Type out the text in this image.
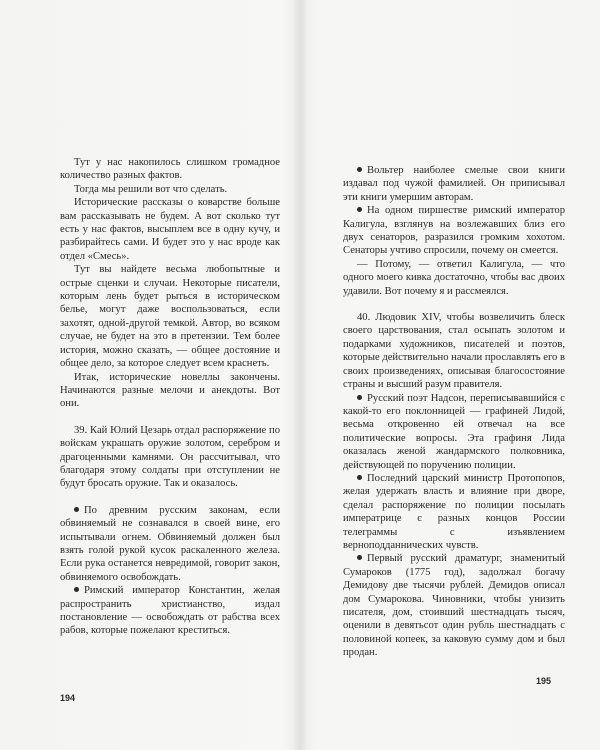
Тут у нас накопилось слишком громадное количество разных фактов.

Тогда мы решили вот что сделать.

Исторические рассказы о коварстве больше вам рассказывать не будем. А вот сколько тут есть у нас фактов, высыплем все в одну кучу, и разбирайтесь сами. И будет это у нас вроде как отдел «Смесь».

Тут вы найдете весьма любопытные и острые сценки и случаи. Некоторые писатели, которым лень будет рыться в историческом белье, могут даже воспользоваться, если захотят, одной-другой темкой. Автор, во всяком случае, не будет на это в претензии. Тем более история, можно сказать, — общее достояние и общее дело, за которое следует всем краснеть.

Итак, исторические новеллы закончены. Начинаются разные мелочи и анекдоты. Вот они.

39. Кай Юлий Цезарь отдал распоряжение по войскам украшать оружие золотом, серебром и драгоценными камнями. Он рассчитывал, что благодаря этому солдаты при отступлении не будут бросать оружие. Так и оказалось.

По древним русским законам, если обвиняемый не сознавался в своей вине, его испытывали огнем. Обвиняемый должен был взять голой рукой кусок раскаленного железа. Если рука останется невредимой, говорит закон, обвиняемого освобождать.

Римский император Константин, желая распространить христианство, издал постановление — освобождать от рабства всех рабов, которые пожелают креститься.

194

Вольтер наиболее смелые свои книги издавал под чужой фамилией. Он приписывал эти книги умершим авторам.

На одном пиршестве римский император Калигула, взглянув на возлежавших близ его двух сенаторов, разразился громким хохотом. Сенаторы учтиво спросили, почему он смеется.

— Потому, — ответил Калигула, — что одного моего кивка достаточно, чтобы вас двоих удавили. Вот почему я и рассмеялся.

40. Людовик XIV, чтобы возвеличить блеск своего царствования, стал осыпать золотом и подарками художников, писателей и поэтов, которые действительно начали прославлять его в своих произведениях, описывая благосостояние страны и высший разум правителя.

Русский поэт Надсон, переписывавшийся с какой-то его поклонницей — графиней Лидой, весьма откровенно ей отвечал на все политические вопросы. Эта графиня Лида оказалась женой жандармского полковника, действующей по поручению полиции.

Последний царский министр Протопопов, желая удержать власть и влияние при дворе, сделал распоряжение по полиции посылать императрице с разных концов России телеграммы с изъявлением верноподданнических чувств.

Первый русский драматург, знаменитый Сумароков (1775 год), задолжал богачу Демидову две тысячи рублей. Демидов описал дом Сумарокова. Чиновники, чтобы унизить писателя, дом, стоивший шестнадцать тысяч, оценили в девятьсот один рубль шестнадцать с половиной копеек, за каковую сумму дом и был продан.

195
